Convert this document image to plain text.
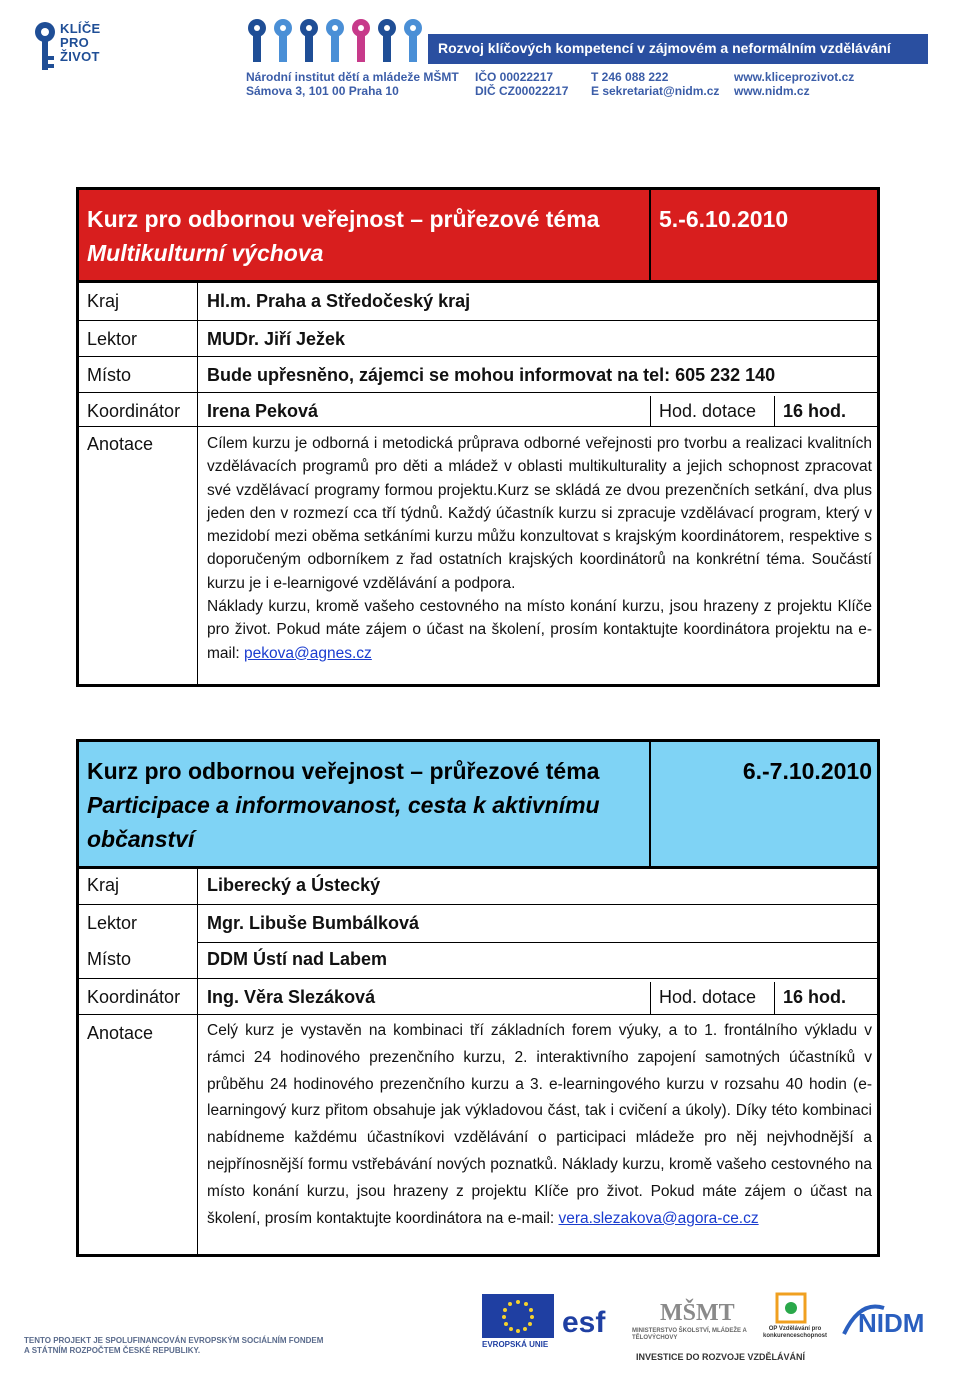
KLÍČE
PRO
ŽIVOT
Rozvoj klíčových kompetencí v zájmovém a neformálním vzdělávání
Národní institut dětí a mládeže MŠMT
Sámova 3, 101 00 Praha 10
IČO 00022217
DIČ CZ00022217
T 246 088 222
E sekretariat@nidm.cz
www.kliceprozivot.cz
www.nidm.cz
Kurz pro odbornou veřejnost – průřezové téma
Multikulturní výchova
5.-6.10.2010
Kraj	Hl.m. Praha a Středočeský kraj
Lektor	MUDr. Jiří Ježek
Místo	Bude upřesněno, zájemci se mohou informovat na tel: 605 232 140
Koordinátor Irena Peková	Hod. dotace 16 hod.
Anotace	Cílem kurzu je odborná i metodická průprava odborné veřejnosti pro tvorbu a realizaci kvalitních vzdělávacích programů pro děti a mládež v oblasti multikulturality a jejich schopnost zpracovat své vzdělávací programy formou projektu.Kurz se skládá ze dvou prezenčních setkání, dva plus jeden den v rozmezí cca tří týdnů. Každý účastník kurzu si zpracuje vzdělávací program, který v mezidobí mezi oběma setkáními kurzu můžu konzultovat s krajským koordinátorem, respektive s doporučeným odborníkem z řad ostatních krajských koordinátorů na konkrétní téma. Součástí kurzu je i e-learnigové vzdělávání a podpora.

Náklady kurzu, kromě vašeho cestovného na místo konání kurzu, jsou hrazeny z projektu Klíče pro život. Pokud máte zájem o účast na školení, prosím kontaktujte koordinátora projektu na e-mail: pekova@agnes.cz

Kurz pro odbornou veřejnost – průřezové téma
Participace a informovanost, cesta k aktivnímu občanství
6.-7.10.2010
Kraj	Liberecký a Ústecký
Lektor	Mgr. Libuše Bumbálková
Místo	DDM Ústí nad Labem
Koordinátor Ing. Věra Slezáková	Hod. dotace 16 hod.
Anotace	Celý kurz je vystavěn na kombinaci tří základních forem výuky, a to 1. frontálního výkladu v rámci 24 hodinového prezenčního kurzu, 2. interaktivního zapojení samotných účastníků v průběhu 24 hodinového prezenčního kurzu a 3. e-learningového kurzu v rozsahu 40 hodin (e-learningový kurz přitom obsahuje jak výkladovou část, tak i cvičení a úkoly). Díky této kombinaci nabídneme každému účastníkovi vzdělávání o participaci mládeže pro něj nejvhodnější a nejpřínosnější formu vstřebávání nových poznatků. Náklady kurzu, kromě vašeho cestovného na místo konání kurzu, jsou hrazeny z projektu Klíče pro život. Pokud máte zájem o účast na školení, prosím kontaktujte koordinátora na e-mail: vera.slezakova@agora-ce.cz

TENTO PROJEKT JE SPOLUFINANCOVÁN EVROPSKÝM SOCIÁLNÍM FONDEM
A STÁTNÍM ROZPOČTEM ČESKÉ REPUBLIKY.
EVROPSKÁ UNIE
esf MŠMT
MINISTERSTVO ŠKOLSTVÍ, MLÁDEŽE A TĚLOVÝCHOVY
OP Vzdělávání pro konkurenceschopnost	NIDM
INVESTICE DO ROZVOJE VZDĚLÁVÁNÍ
